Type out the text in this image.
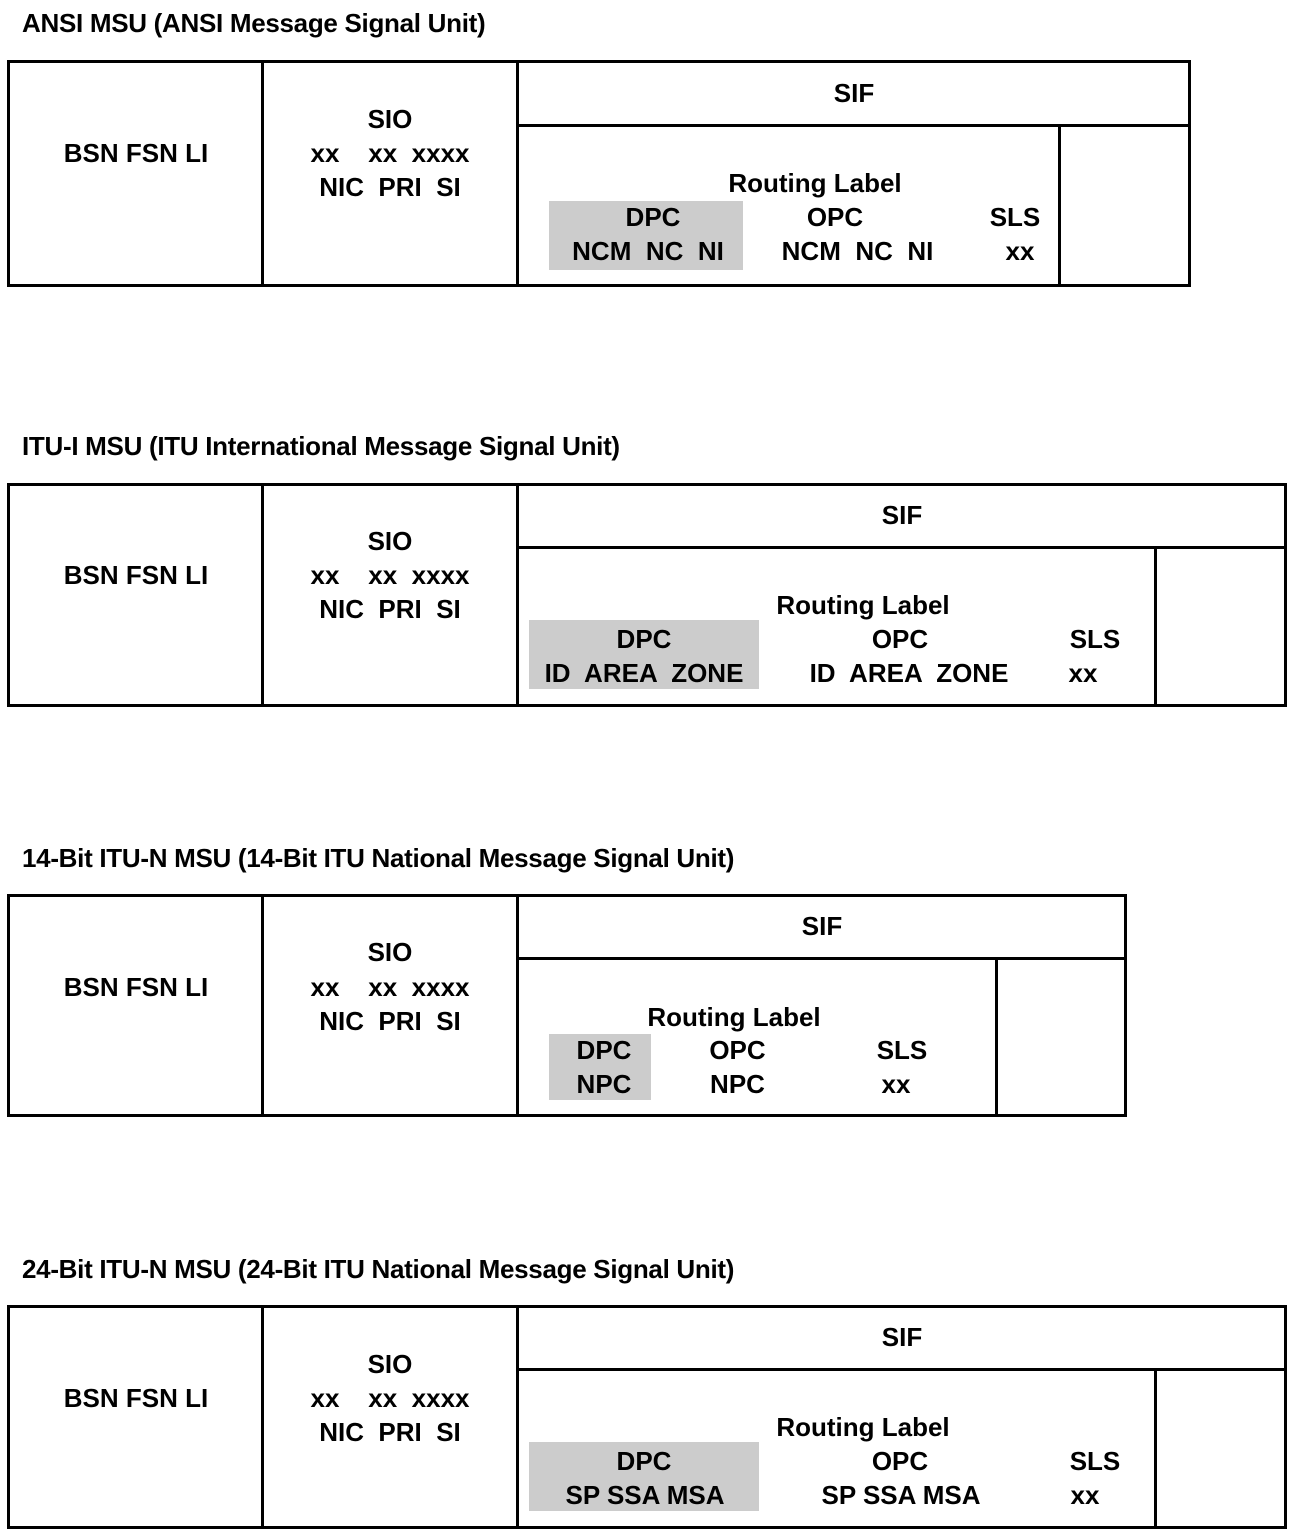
ANSI MSU (ANSI Message Signal Unit)
BSN FSN LI
SIO
xx    xx  xxxx
NIC  PRI  SI
SIF
Routing Label
DPC
NCM  NC  NI
OPC
NCM  NC  NI
SLS
xx
ITU-I MSU (ITU International Message Signal Unit)
BSN FSN LI
SIO
xx    xx  xxxx
NIC  PRI  SI
SIF
Routing Label
DPC
ID  AREA  ZONE
OPC
ID  AREA  ZONE
SLS
xx
14-Bit ITU-N MSU (14-Bit ITU National Message Signal Unit)
BSN FSN LI
SIO
xx    xx  xxxx
NIC  PRI  SI
SIF
Routing Label
DPC
NPC
OPC
NPC
SLS
xx
24-Bit ITU-N MSU (24-Bit ITU National Message Signal Unit)
BSN FSN LI
SIO
xx    xx  xxxx
NIC  PRI  SI
SIF
Routing Label
DPC
SP SSA MSA
OPC
SP SSA MSA
SLS
xx
